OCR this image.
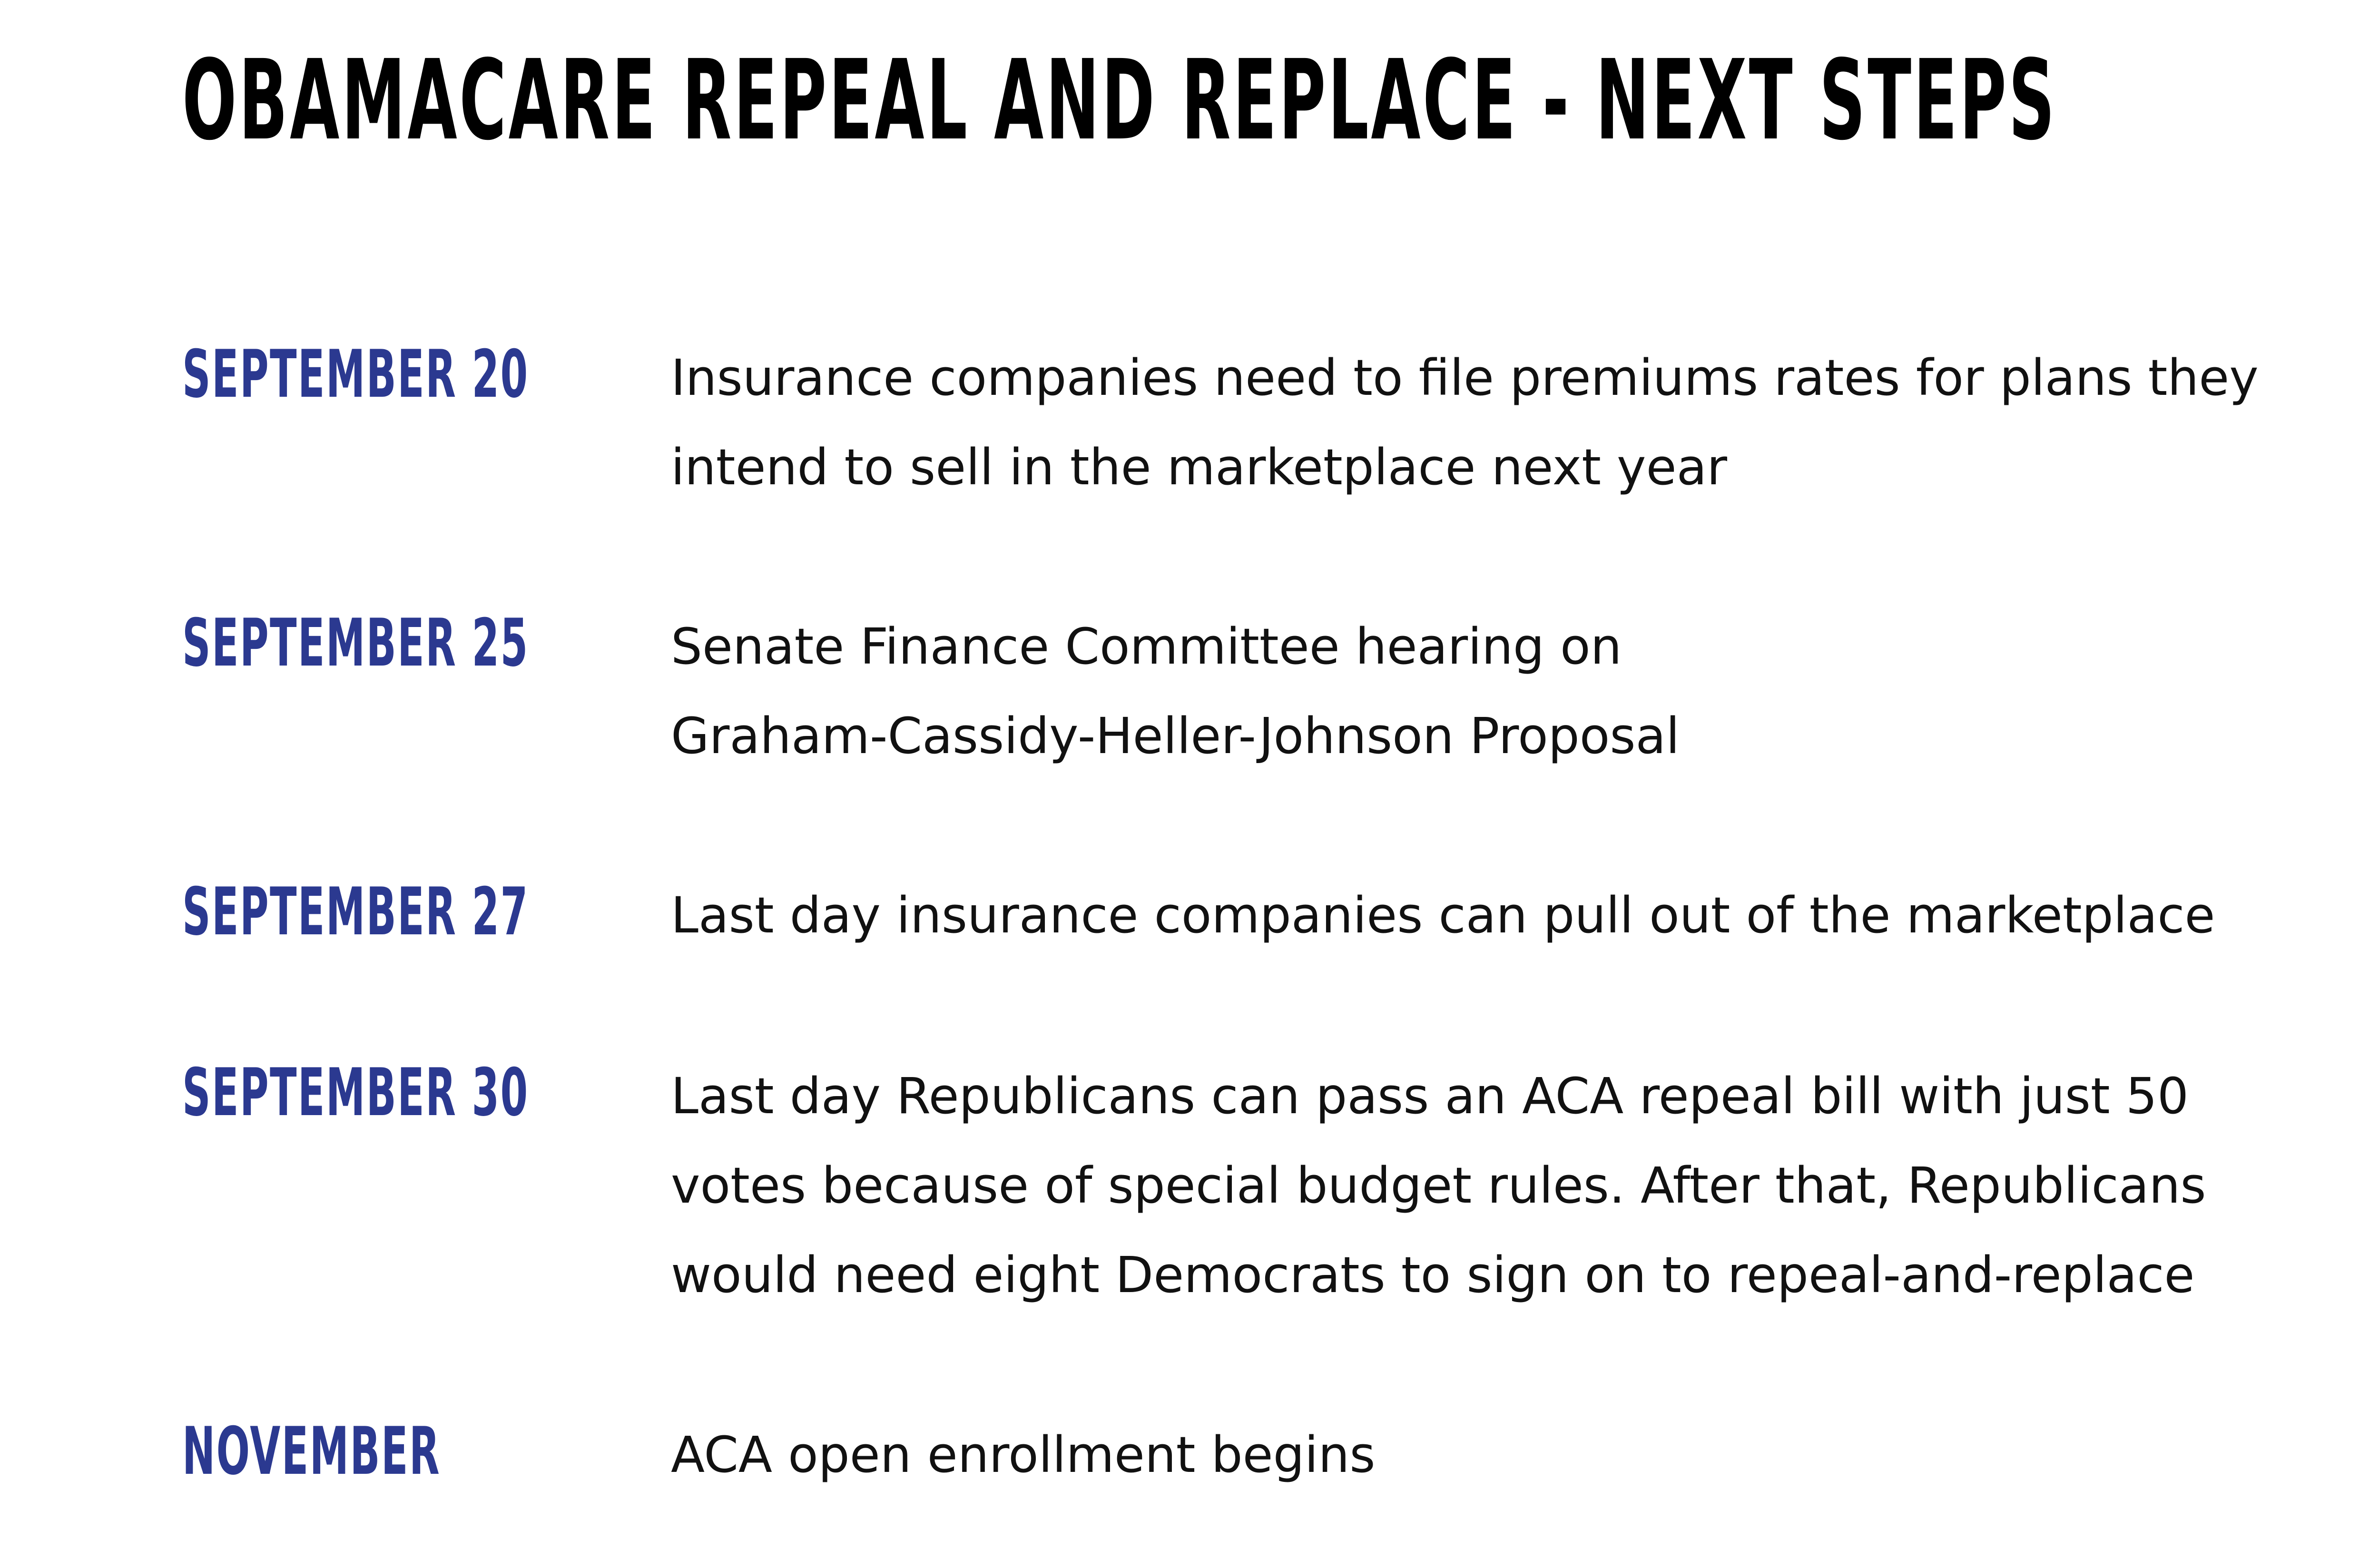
OBAMACARE REPEAL AND REPLACE - NEXT STEPS
SEPTEMBER 20	Insurance companies need to file premiums rates for plans they
intend to sell in the marketplace next year
SEPTEMBER 25	Senate Finance Committee hearing on
Graham-Cassidy-Heller-Johnson Proposal
SEPTEMBER 27	Last day insurance companies can pull out of the marketplace
SEPTEMBER 30	Last day Republicans can pass an ACA repeal bill with just 50
votes because of special budget rules. After that, Republicans
would need eight Democrats to sign on to repeal-and-replace
NOVEMBER	ACA open enrollment begins
